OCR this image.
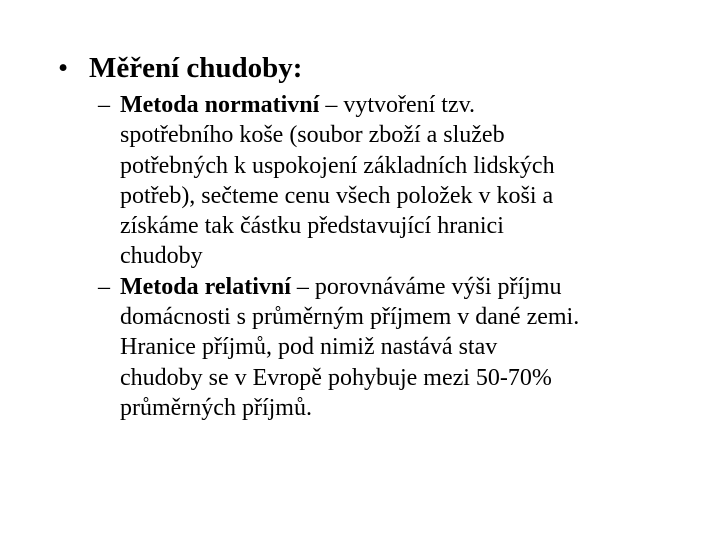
• Měření chudoby:
– Metoda normativní – vytvoření tzv.
spotřebního koše (soubor zboží a služeb
potřebných k uspokojení základních lidských
potřeb), sečteme cenu všech položek v koši a
získáme tak částku představující hranici
chudoby
– Metoda relativní – porovnáváme výši příjmu
domácnosti s průměrným příjmem v dané zemi.
Hranice příjmů, pod nimiž nastává stav
chudoby se v Evropě pohybuje mezi 50-70%
průměrných příjmů.
